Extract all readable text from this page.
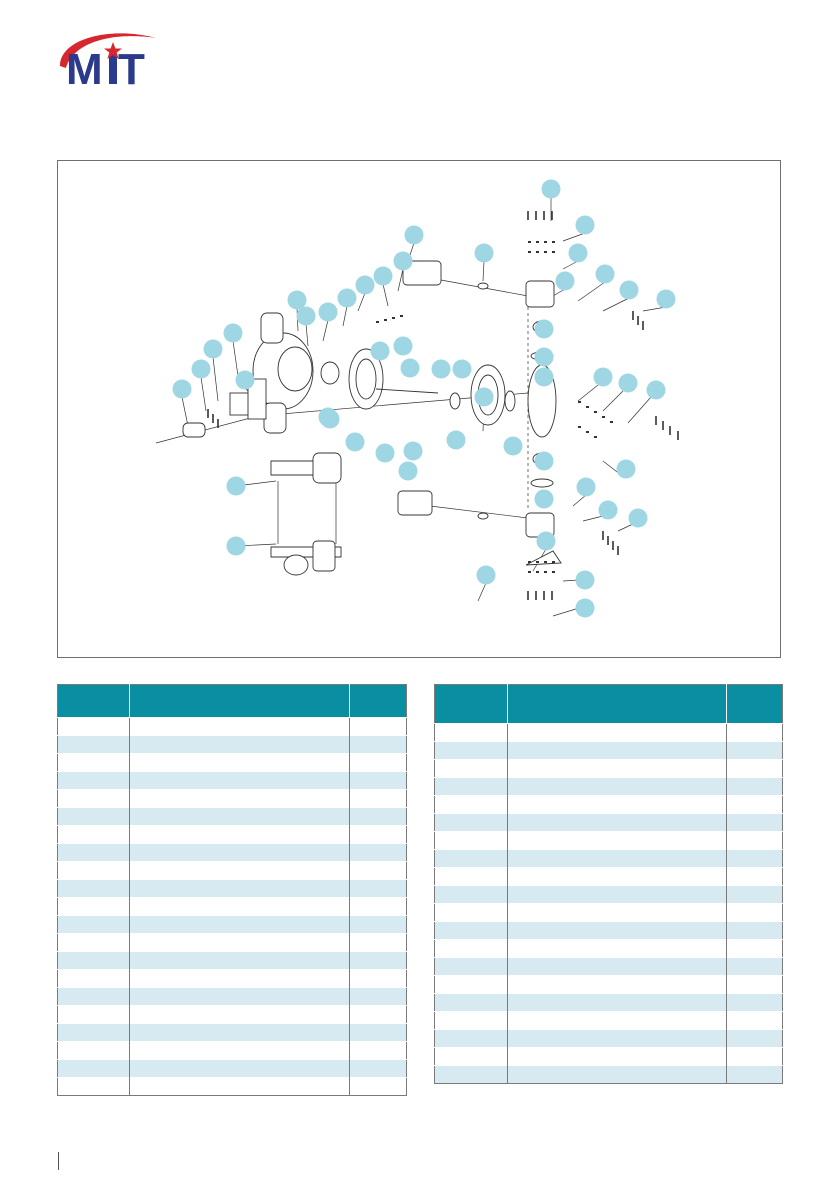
M T
